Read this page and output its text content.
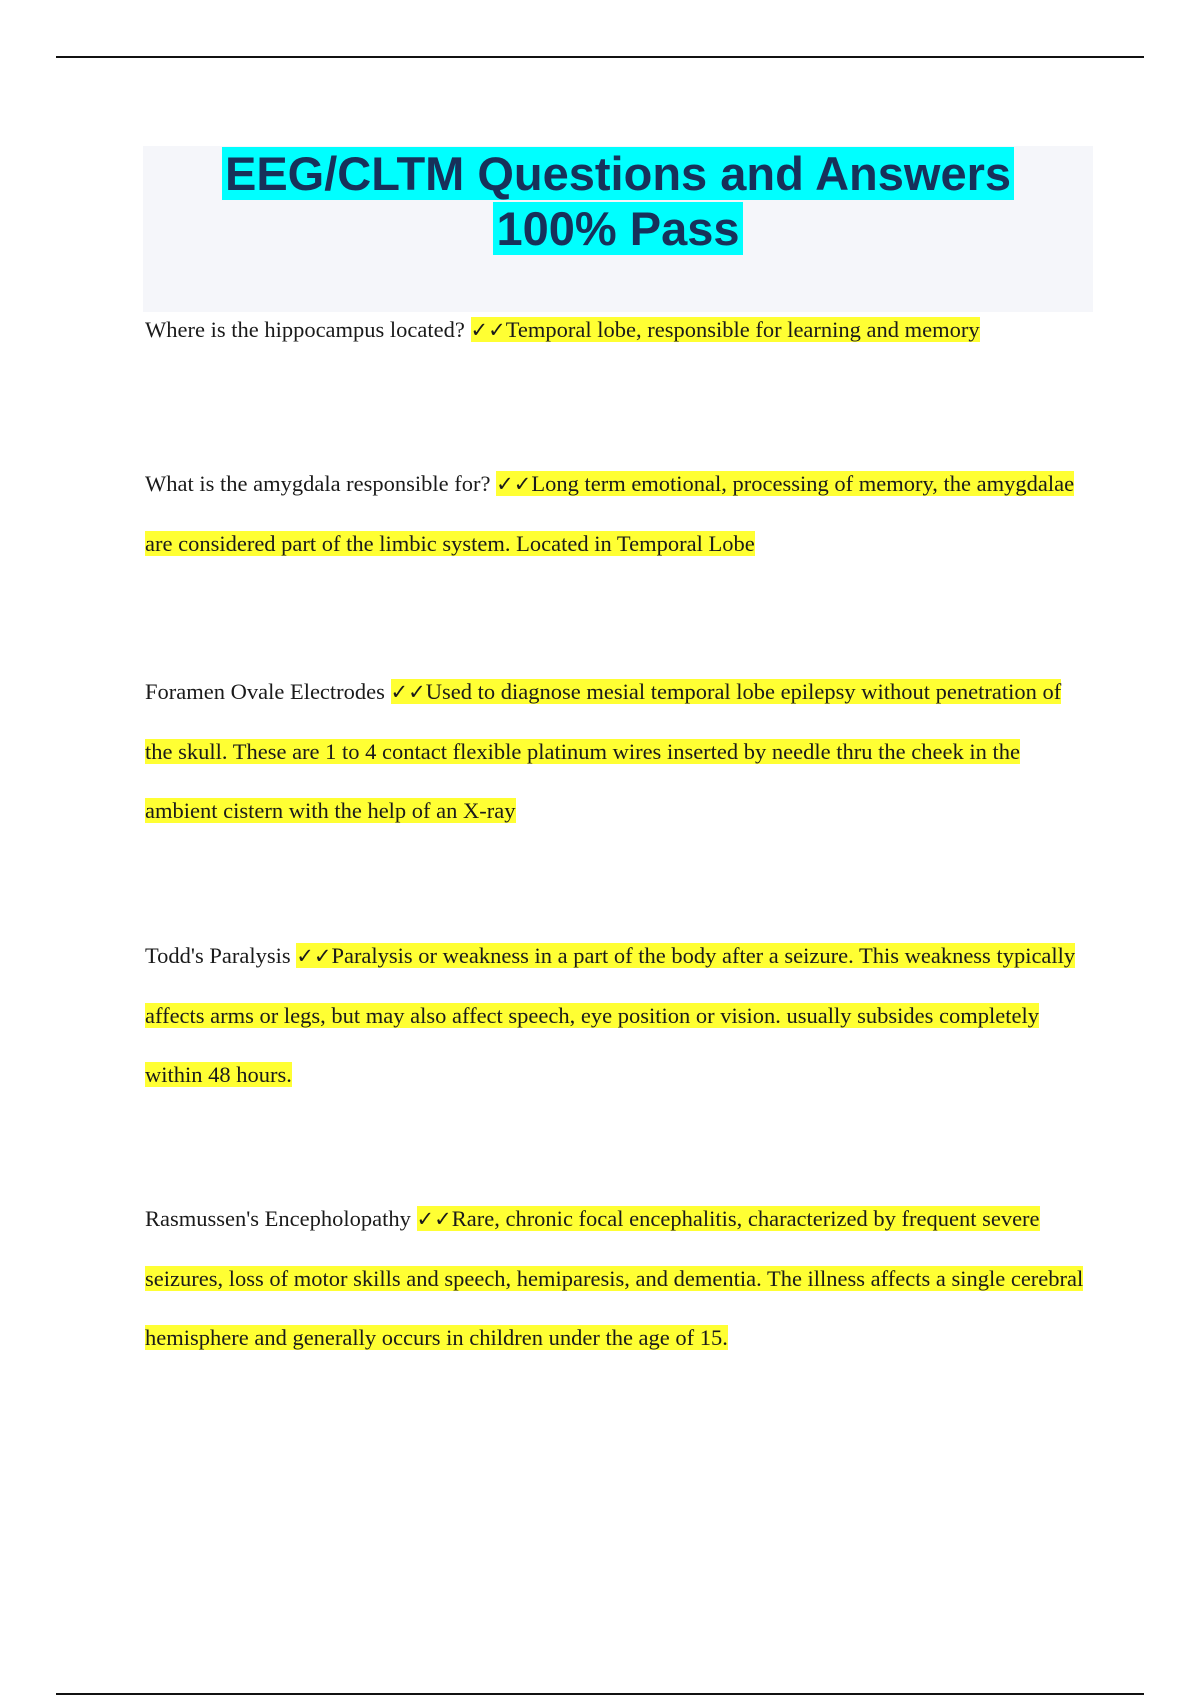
EEG/CLTM Questions and Answers
100% Pass

Where is the hippocampus located? ✓✓Temporal lobe, responsible for learning and memory

What is the amygdala responsible for? ✓✓Long term emotional, processing of memory, the amygdalae are considered part of the limbic system. Located in Temporal Lobe

Foramen Ovale Electrodes ✓✓Used to diagnose mesial temporal lobe epilepsy without penetration of the skull. These are 1 to 4 contact flexible platinum wires inserted by needle thru the cheek in the ambient cistern with the help of an X-ray

Todd's Paralysis ✓✓Paralysis or weakness in a part of the body after a seizure. This weakness typically affects arms or legs, but may also affect speech, eye position or vision. usually subsides completely within 48 hours.

Rasmussen's Encepholopathy ✓✓Rare, chronic focal encephalitis, characterized by frequent severe seizures, loss of motor skills and speech, hemiparesis, and dementia. The illness affects a single cerebral hemisphere and generally occurs in children under the age of 15.
